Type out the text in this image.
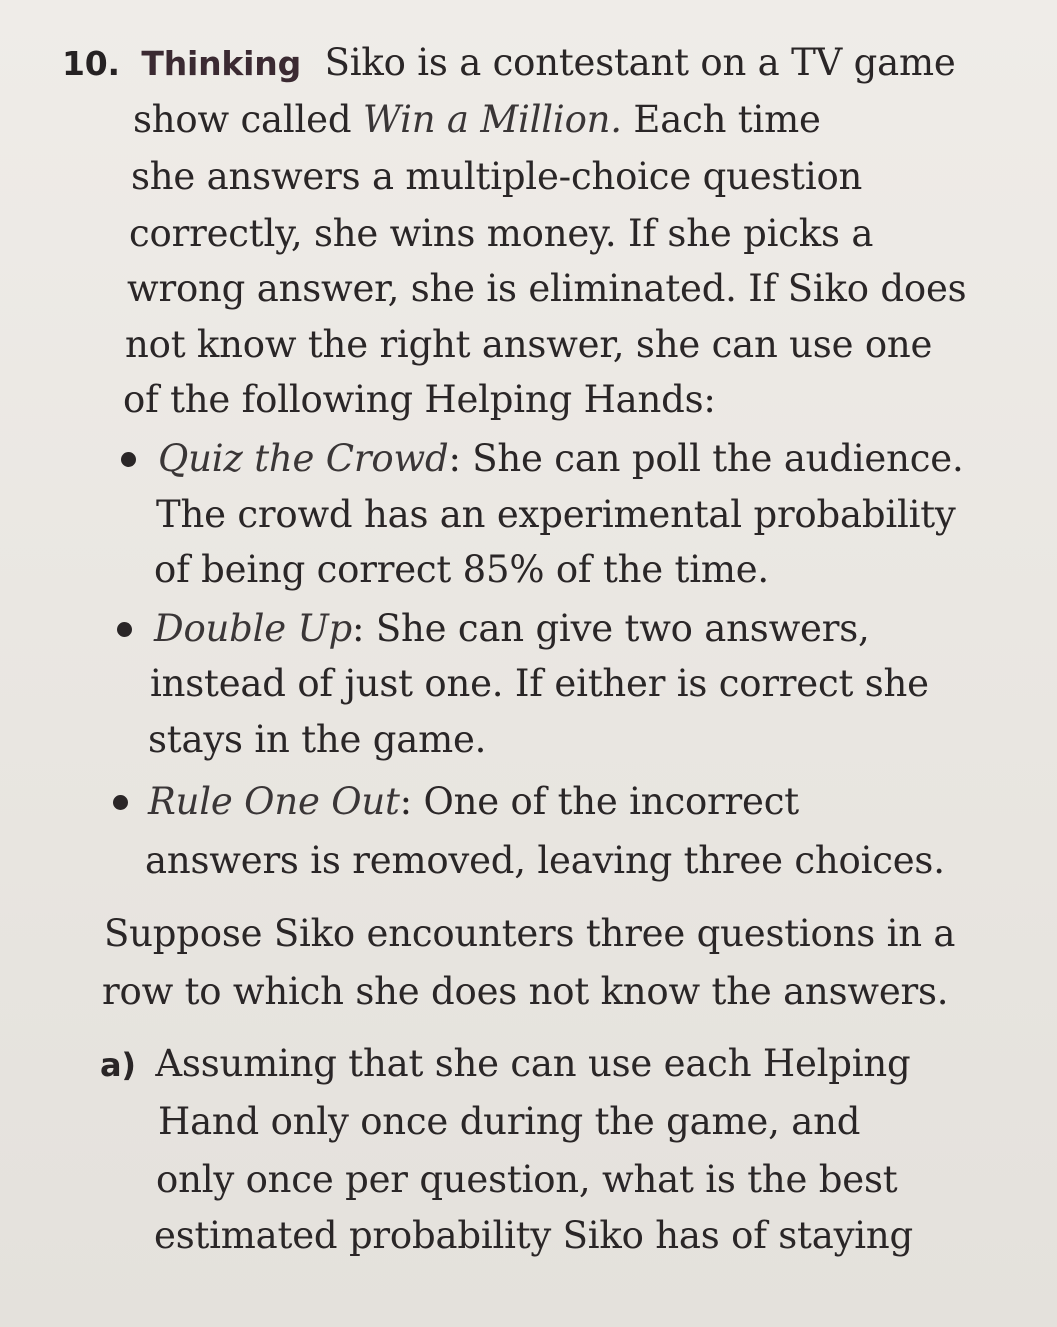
10. Thinking Siko is a contestant on a TV game
show called Win a Million. Each time
she answers a multiple-choice question
correctly, she wins money. If she picks a
wrong answer, she is eliminated. If Siko does
not know the right answer, she can use one
of the following Helping Hands:
Quiz the Crowd: She can poll the audience.
The crowd has an experimental probability
of being correct 85% of the time.
Double Up: She can give two answers,
instead of just one. If either is correct she
stays in the game.
Rule One Out: One of the incorrect
answers is removed, leaving three choices.
Suppose Siko encounters three questions in a
row to which she does not know the answers.
a) Assuming that she can use each Helping
Hand only once during the game, and
only once per question, what is the best
estimated probability Siko has of staying
